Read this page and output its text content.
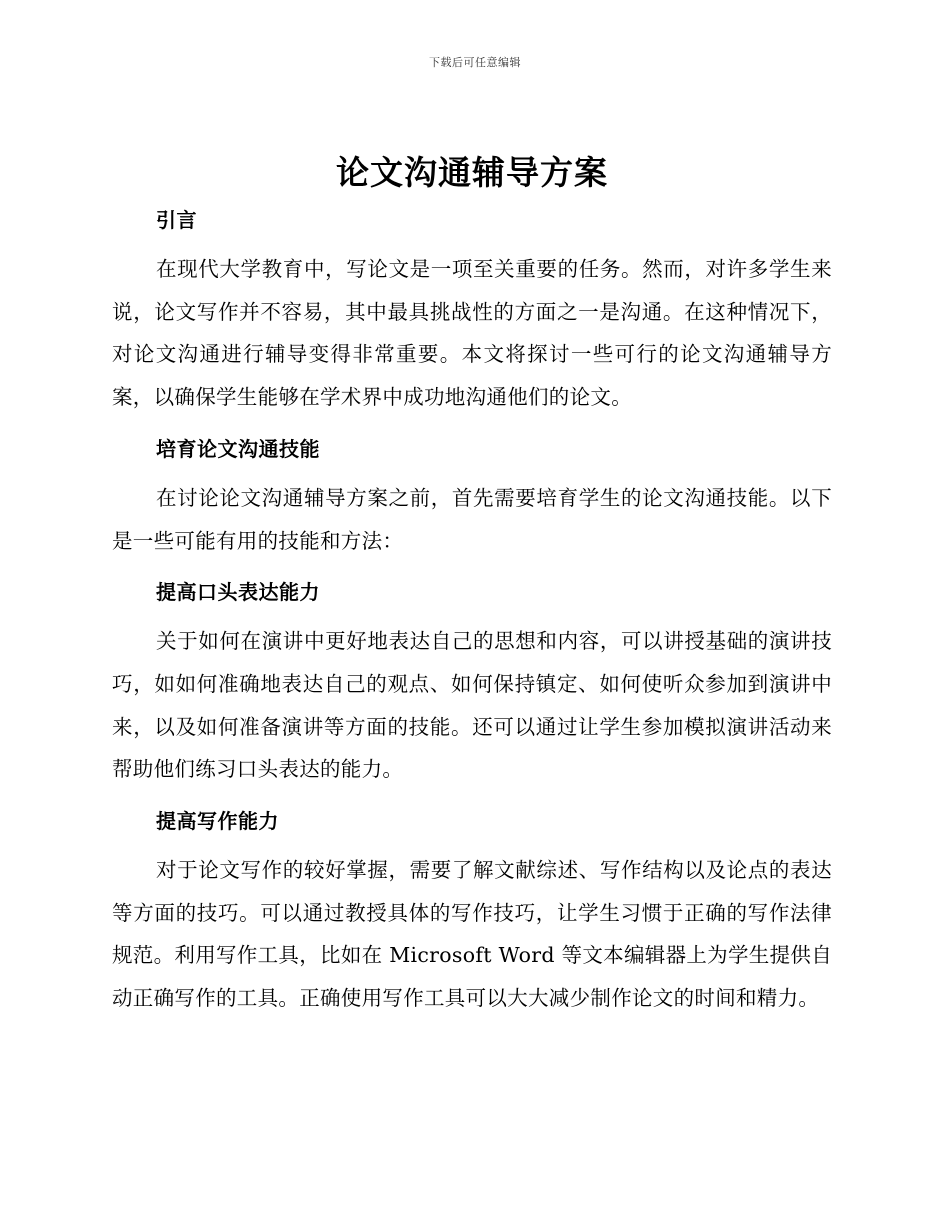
下载后可任意编辑
论文沟通辅导方案
引言

在现代大学教育中，写论文是一项至关重要的任务。然而，对许多学生来说，论文写作并不容易，其中最具挑战性的方面之一是沟通。在这种情况下，对论文沟通进行辅导变得非常重要。本文将探讨一些可行的论文沟通辅导方案，以确保学生能够在学术界中成功地沟通他们的论文。

培育论文沟通技能

在讨论论文沟通辅导方案之前，首先需要培育学生的论文沟通技能。以下是一些可能有用的技能和方法：

提高口头表达能力

关于如何在演讲中更好地表达自己的思想和内容，可以讲授基础的演讲技巧，如如何准确地表达自己的观点、如何保持镇定、如何使听众参加到演讲中来，以及如何准备演讲等方面的技能。还可以通过让学生参加模拟演讲活动来帮助他们练习口头表达的能力。

提高写作能力

对于论文写作的较好掌握，需要了解文献综述、写作结构以及论点的表达等方面的技巧。可以通过教授具体的写作技巧，让学生习惯于正确的写作法律规范。利用写作工具，比如在 Microsoft Word 等文本编辑器上为学生提供自动正确写作的工具。正确使用写作工具可以大大减少制作论文的时间和精力。
